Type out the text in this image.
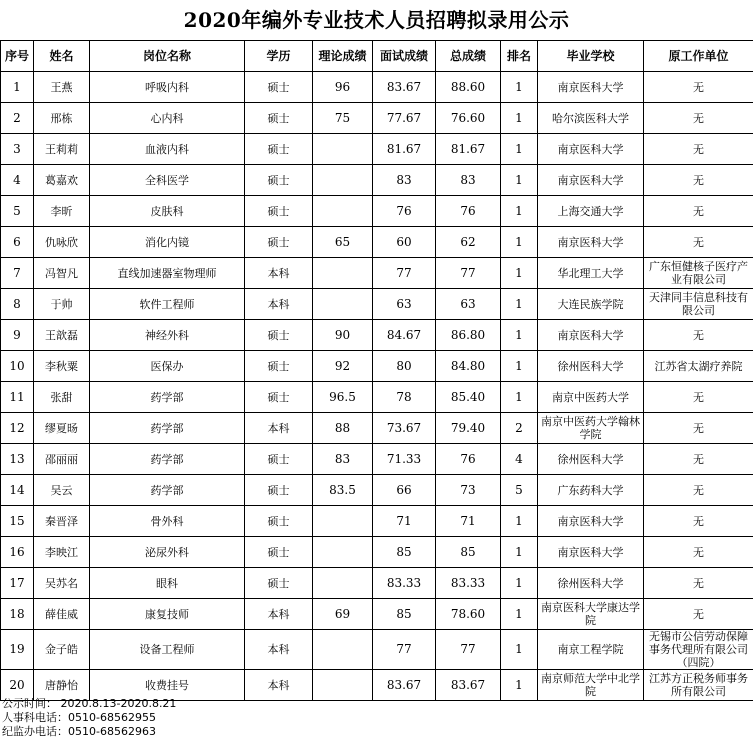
2020年编外专业技术人员招聘拟录用公示
序号	姓名	岗位名称	学历	理论成绩	面试成绩	总成绩	排名	毕业学校	原工作单位
1	王燕	呼吸内科	硕士	96	83.67	88.60	1	南京医科大学	无
2	邢栋	心内科	硕士	75	77.67	76.60	1	哈尔滨医科大学	无
3	王莉莉	血液内科	硕士		81.67	81.67	1	南京医科大学	无
4	葛嘉欢	全科医学	硕士		83	83	1	南京医科大学	无
5	李昕	皮肤科	硕士		76	76	1	上海交通大学	无
6	仇咏欣	消化内镜	硕士	65	60	62	1	南京医科大学	无
7	冯智凡	直线加速器室物理师	本科		77	77	1	华北理工大学	广东恒健核子医疗产业有限公司
8	于帅	软件工程师	本科		63	63	1	大连民族学院	天津同丰信息科技有限公司
9	王歆磊	神经外科	硕士	90	84.67	86.80	1	南京医科大学	无
10	李秋粟	医保办	硕士	92	80	84.80	1	徐州医科大学	江苏省太湖疗养院
11	张甜	药学部	硕士	96.5	78	85.40	1	南京中医药大学	无
12	缪夏旸	药学部	本科	88	73.67	79.40	2	南京中医药大学翰林学院	无
13	邵丽丽	药学部	硕士	83	71.33	76	4	徐州医科大学	无
14	吴云	药学部	硕士	83.5	66	73	5	广东药科大学	无
15	秦晋泽	骨外科	硕士		71	71	1	南京医科大学	无
16	李映江	泌尿外科	硕士		85	85	1	南京医科大学	无
17	吴苏名	眼科	硕士		83.33	83.33	1	徐州医科大学	无
18	薛佳威	康复技师	本科	69	85	78.60	1	南京医科大学康达学院	无
19	金子皓	设备工程师	本科		77	77	1	南京工程学院	无锡市公信劳动保障事务代理所有限公司（四院）
20	唐静怡	收费挂号	本科		83.67	83.67	1	南京师范大学中北学院	江苏方正税务师事务所有限公司
公示时间： 2020.8.13-2020.8.21
人事科电话：0510-68562955
纪监办电话：0510-68562963
